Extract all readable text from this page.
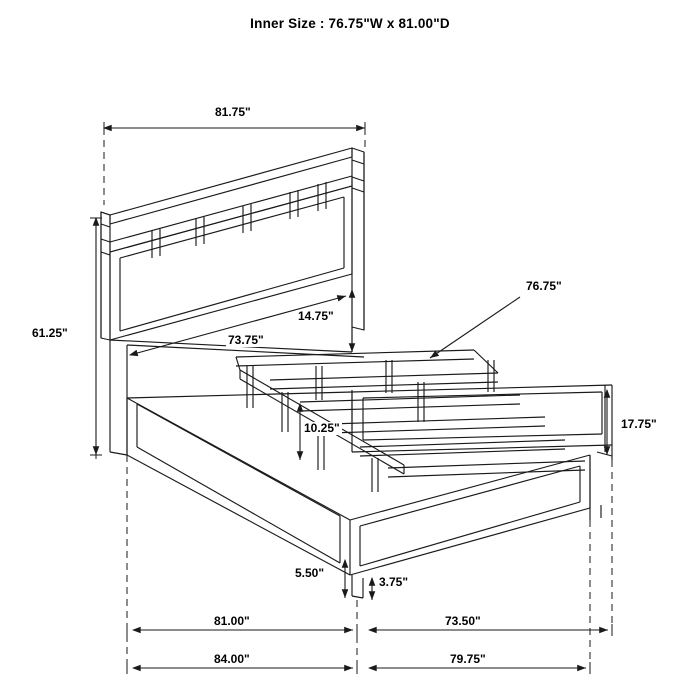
Inner Size : 76.75"W x 81.00"D
81.75"
61.25"	73.75"
14.75"
76.75"
17.75"
10.25"
5.50"
3.75"
81.00"	73.50"
84.00"	79.75"
